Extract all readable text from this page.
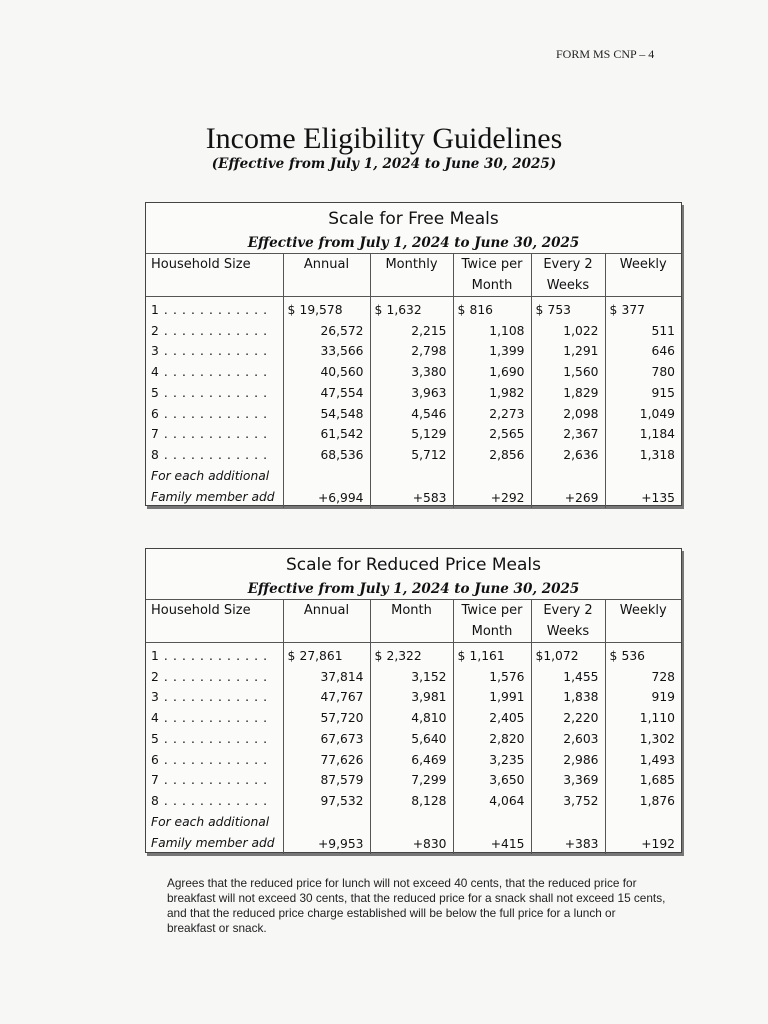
FORM MS CNP – 4
Income Eligibility Guidelines
(Effective from July 1, 2024 to June 30, 2025)
Scale for Free Meals
Effective from July 1, 2024 to June 30, 2025
Household Size	Annual	Monthly	Twice per Month	Every 2 Weeks	Weekly
1 . . . . . . . . . . . .	$ 19,578	$ 1,632	$ 816	$ 753	$ 377
2 . . . . . . . . . . . .	26,572	2,215	1,108	1,022	511
3 . . . . . . . . . . . .	33,566	2,798	1,399	1,291	646
4 . . . . . . . . . . . .	40,560	3,380	1,690	1,560	780
5 . . . . . . . . . . . .	47,554	3,963	1,982	1,829	915
6 . . . . . . . . . . . .	54,548	4,546	2,273	2,098	1,049
7 . . . . . . . . . . . .	61,542	5,129	2,565	2,367	1,184
8 . . . . . . . . . . . .	68,536	5,712	2,856	2,636	1,318
For each additional Family member add	+6,994	+583	+292	+269	+135
Scale for Reduced Price Meals
Effective from July 1, 2024 to June 30, 2025
Household Size	Annual	Month	Twice per Month	Every 2 Weeks	Weekly
1 . . . . . . . . . . . .	$ 27,861	$ 2,322	$ 1,161	$1,072	$ 536
2 . . . . . . . . . . . .	37,814	3,152	1,576	1,455	728
3 . . . . . . . . . . . .	47,767	3,981	1,991	1,838	919
4 . . . . . . . . . . . .	57,720	4,810	2,405	2,220	1,110
5 . . . . . . . . . . . .	67,673	5,640	2,820	2,603	1,302
6 . . . . . . . . . . . .	77,626	6,469	3,235	2,986	1,493
7 . . . . . . . . . . . .	87,579	7,299	3,650	3,369	1,685
8 . . . . . . . . . . . .	97,532	8,128	4,064	3,752	1,876
For each additional Family member add	+9,953	+830	+415	+383	+192
Agrees that the reduced price for lunch will not exceed 40 cents, that the reduced price for breakfast will not exceed 30 cents, that the reduced price for a snack shall not exceed 15 cents, and that the reduced price charge established will be below the full price for a lunch or breakfast or snack.
